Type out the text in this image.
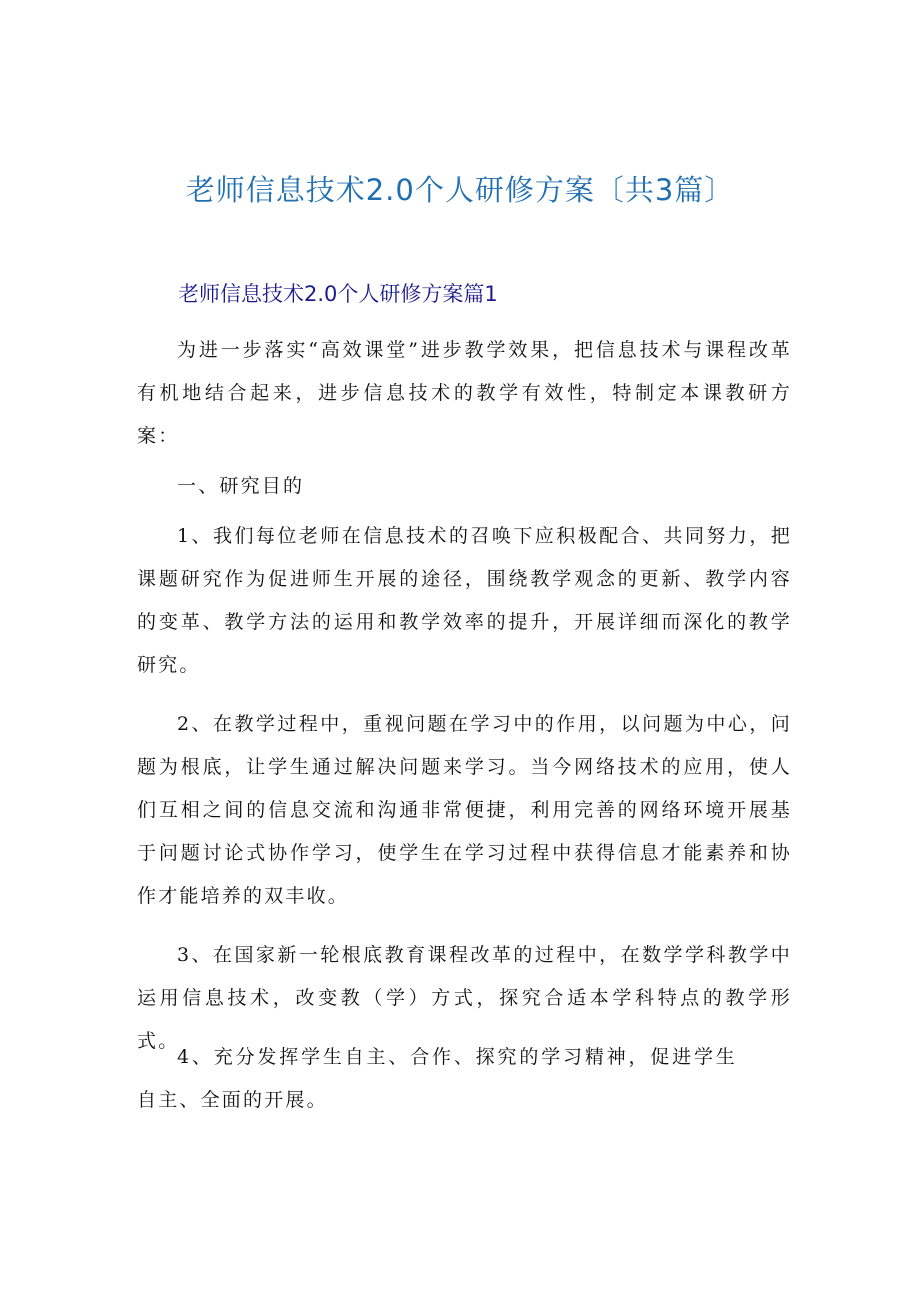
老师信息技术2.0个人研修方案〔共3篇〕
老师信息技术2.0个人研修方案篇1

为进一步落实“高效课堂”进步教学效果，把信息技术与课程改革有机地结合起来，进步信息技术的教学有效性，特制定本课教研方案：

一、研究目的

1、我们每位老师在信息技术的召唤下应积极配合、共同努力，把课题研究作为促进师生开展的途径，围绕教学观念的更新、教学内容的变革、教学方法的运用和教学效率的提升，开展详细而深化的教学研究。

2、在教学过程中，重视问题在学习中的作用，以问题为中心，问题为根底，让学生通过解决问题来学习。当今网络技术的应用，使人们互相之间的信息交流和沟通非常便捷，利用完善的网络环境开展基于问题讨论式协作学习，使学生在学习过程中获得信息才能素养和协作才能培养的双丰收。

3、在国家新一轮根底教育课程改革的过程中，在数学学科教学中运用信息技术，改变教（学）方式，探究合适本学科特点的教学形式。

4、充分发挥学生自主、合作、探究的学习精神，促进学生自主、全面的开展。
